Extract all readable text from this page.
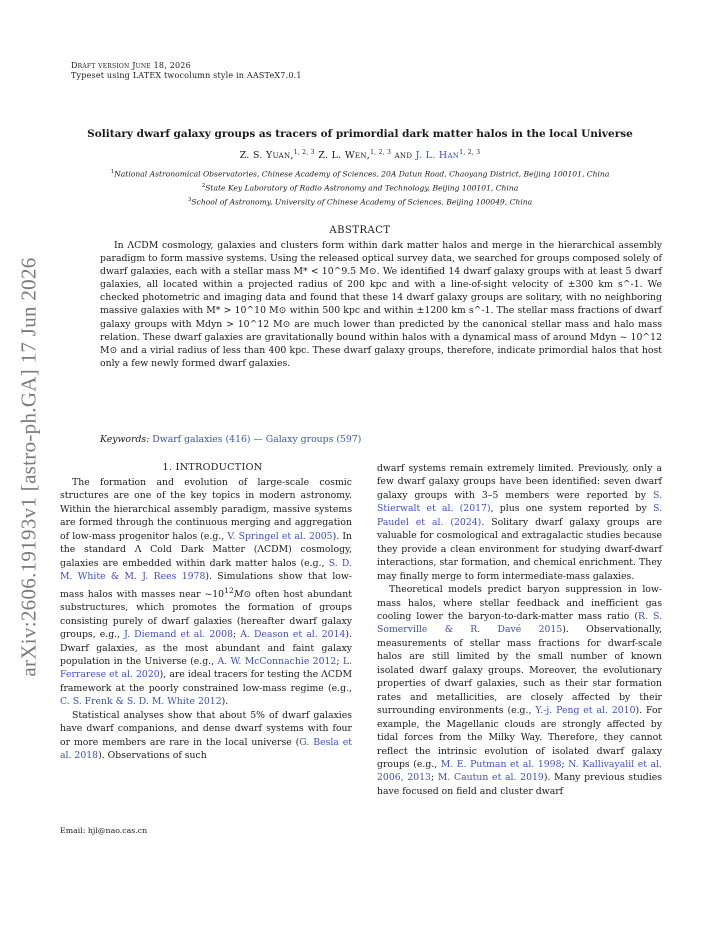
arXiv:2606.19193v1 [astro-ph.GA] 17 Jun 2026
Draft version June 18, 2026
Typeset using LATEX twocolumn style in AASTeX7.0.1
Solitary dwarf galaxy groups as tracers of primordial dark matter halos in the local Universe
Z. S. Yuan,$^{1, 2, 3}$ Z. L. Wen,$^{1, 2, 3}$ and J. L. Han$^{1, 2, 3}$
$^1$National Astronomical Observatories, Chinese Academy of Sciences, 20A Datun Road, Chaoyang District, Beijing 100101, China
$^2$State Key Laboratory of Radio Astronomy and Technology, Beijing 100101, China
$^3$School of Astronomy, University of Chinese Academy of Sciences, Beijing 100049, China
ABSTRACT
In ΛCDM cosmology, galaxies and clusters form within dark matter halos and merge in the hierarchical assembly paradigm to form massive systems. Using the released optical survey data, we searched for groups composed solely of dwarf galaxies, each with a stellar mass M* < 10^9.5 M⊙. We identified 14 dwarf galaxy groups with at least 5 dwarf galaxies, all located within a projected radius of 200 kpc and with a line-of-sight velocity of ±300 km s^-1. We checked photometric and imaging data and found that these 14 dwarf galaxy groups are solitary, with no neighboring massive galaxies with M* > 10^10 M⊙ within 500 kpc and within ±1200 km s^-1. The stellar mass fractions of dwarf galaxy groups with Mdyn > 10^12 M⊙ are much lower than predicted by the canonical stellar mass and halo mass relation. These dwarf galaxies are gravitationally bound within halos with a dynamical mass of around Mdyn ~ 10^12 M⊙ and a virial radius of less than 400 kpc. These dwarf galaxy groups, therefore, indicate primordial halos that host only a few newly formed dwarf galaxies.
Keywords: Dwarf galaxies (416) — Galaxy groups (597)
1. INTRODUCTION

The formation and evolution of large-scale cosmic structures are one of the key topics in modern astronomy. Within the hierarchical assembly paradigm, massive systems are formed through the continuous merging and aggregation of low-mass progenitor halos (e.g., V. Springel et al. 2005). In the standard Λ Cold Dark Matter (ΛCDM) cosmology, galaxies are embedded within dark matter halos (e.g., S. D. M. White & M. J. Rees 1978). Simulations show that low-mass halos with masses near $\sim 10^{12}M⊙$ often host abundant substructures, which promotes the formation of groups consisting purely of dwarf galaxies (hereafter dwarf galaxy groups, e.g., J. Diemand et al. 2008; A. Deason et al. 2014). Dwarf galaxies, as the most abundant and faint galaxy population in the Universe (e.g., A. W. McConnachie 2012; L. Ferrarese et al. 2020), are ideal tracers for testing the ΛCDM framework at the poorly constrained low-mass regime (e.g., C. S. Frenk & S. D. M. White 2012).

Statistical analyses show that about 5% of dwarf galaxies have dwarf companions, and dense dwarf systems with four or more members are rare in the local universe (G. Besla et al. 2018). Observations of such

dwarf systems remain extremely limited. Previously, only a few dwarf galaxy groups have been identified: seven dwarf galaxy groups with 3–5 members were reported by S. Stierwalt et al. (2017), plus one system reported by S. Paudel et al. (2024). Solitary dwarf galaxy groups are valuable for cosmological and extragalactic studies because they provide a clean environment for studying dwarf-dwarf interactions, star formation, and chemical enrichment. They may finally merge to form intermediate-mass galaxies.

Theoretical models predict baryon suppression in low-mass halos, where stellar feedback and inefficient gas cooling lower the baryon-to-dark-matter mass ratio (R. S. Somerville & R. Davé 2015). Observationally, measurements of stellar mass fractions for dwarf-scale halos are still limited by the small number of known isolated dwarf galaxy groups. Moreover, the evolutionary properties of dwarf galaxies, such as their star formation rates and metallicities, are closely affected by their surrounding environments (e.g., Y.-j. Peng et al. 2010). For example, the Magellanic clouds are strongly affected by tidal forces from the Milky Way. Therefore, they cannot reflect the intrinsic evolution of isolated dwarf galaxy groups (e.g., M. E. Putman et al. 1998; N. Kallivayalil et al. 2006, 2013; M. Cautun et al. 2019). Many previous studies have focused on field and cluster dwarf

Email: hjl@nao.cas.cn
